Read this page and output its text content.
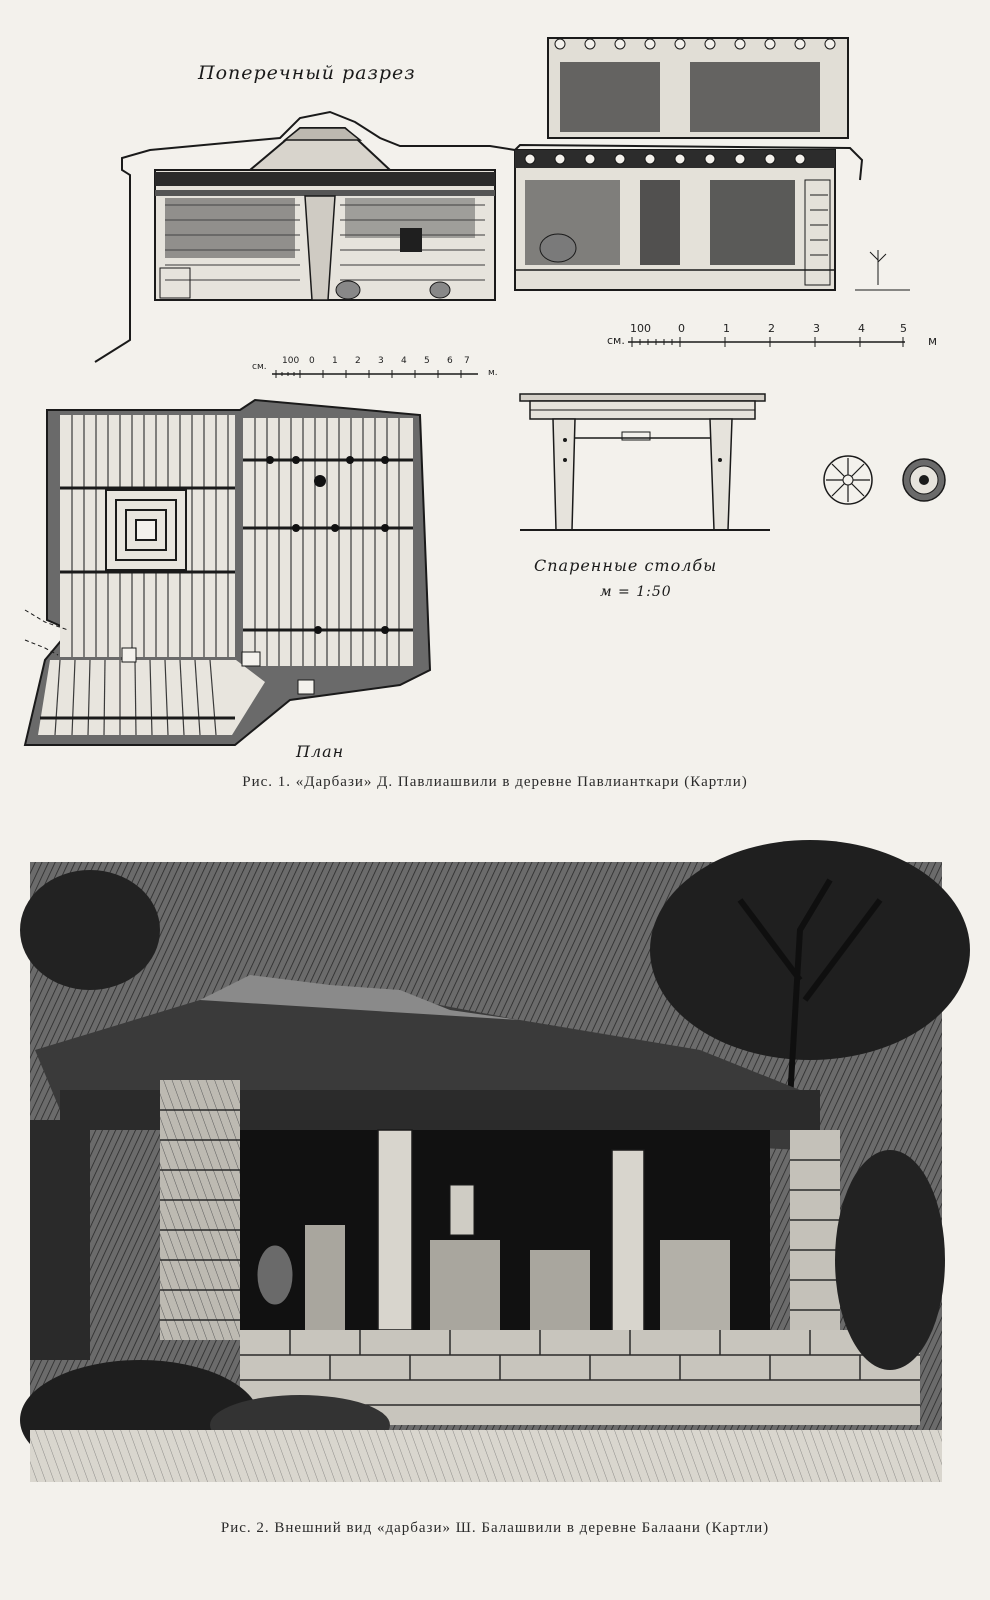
Поперечный разрез
см.
100 0 1 2 3 4 5 6 7
м.
см.
100 0	1	2	3	4	5
м
План
Спаренные столбы
м = 1:50
Рис. 1. «Дарбази» Д. Павлиашвили в деревне Павлианткари (Картли)
Рис. 2. Внешний вид «дарбази» Ш. Балашвили в деревне Балаани (Картли)
